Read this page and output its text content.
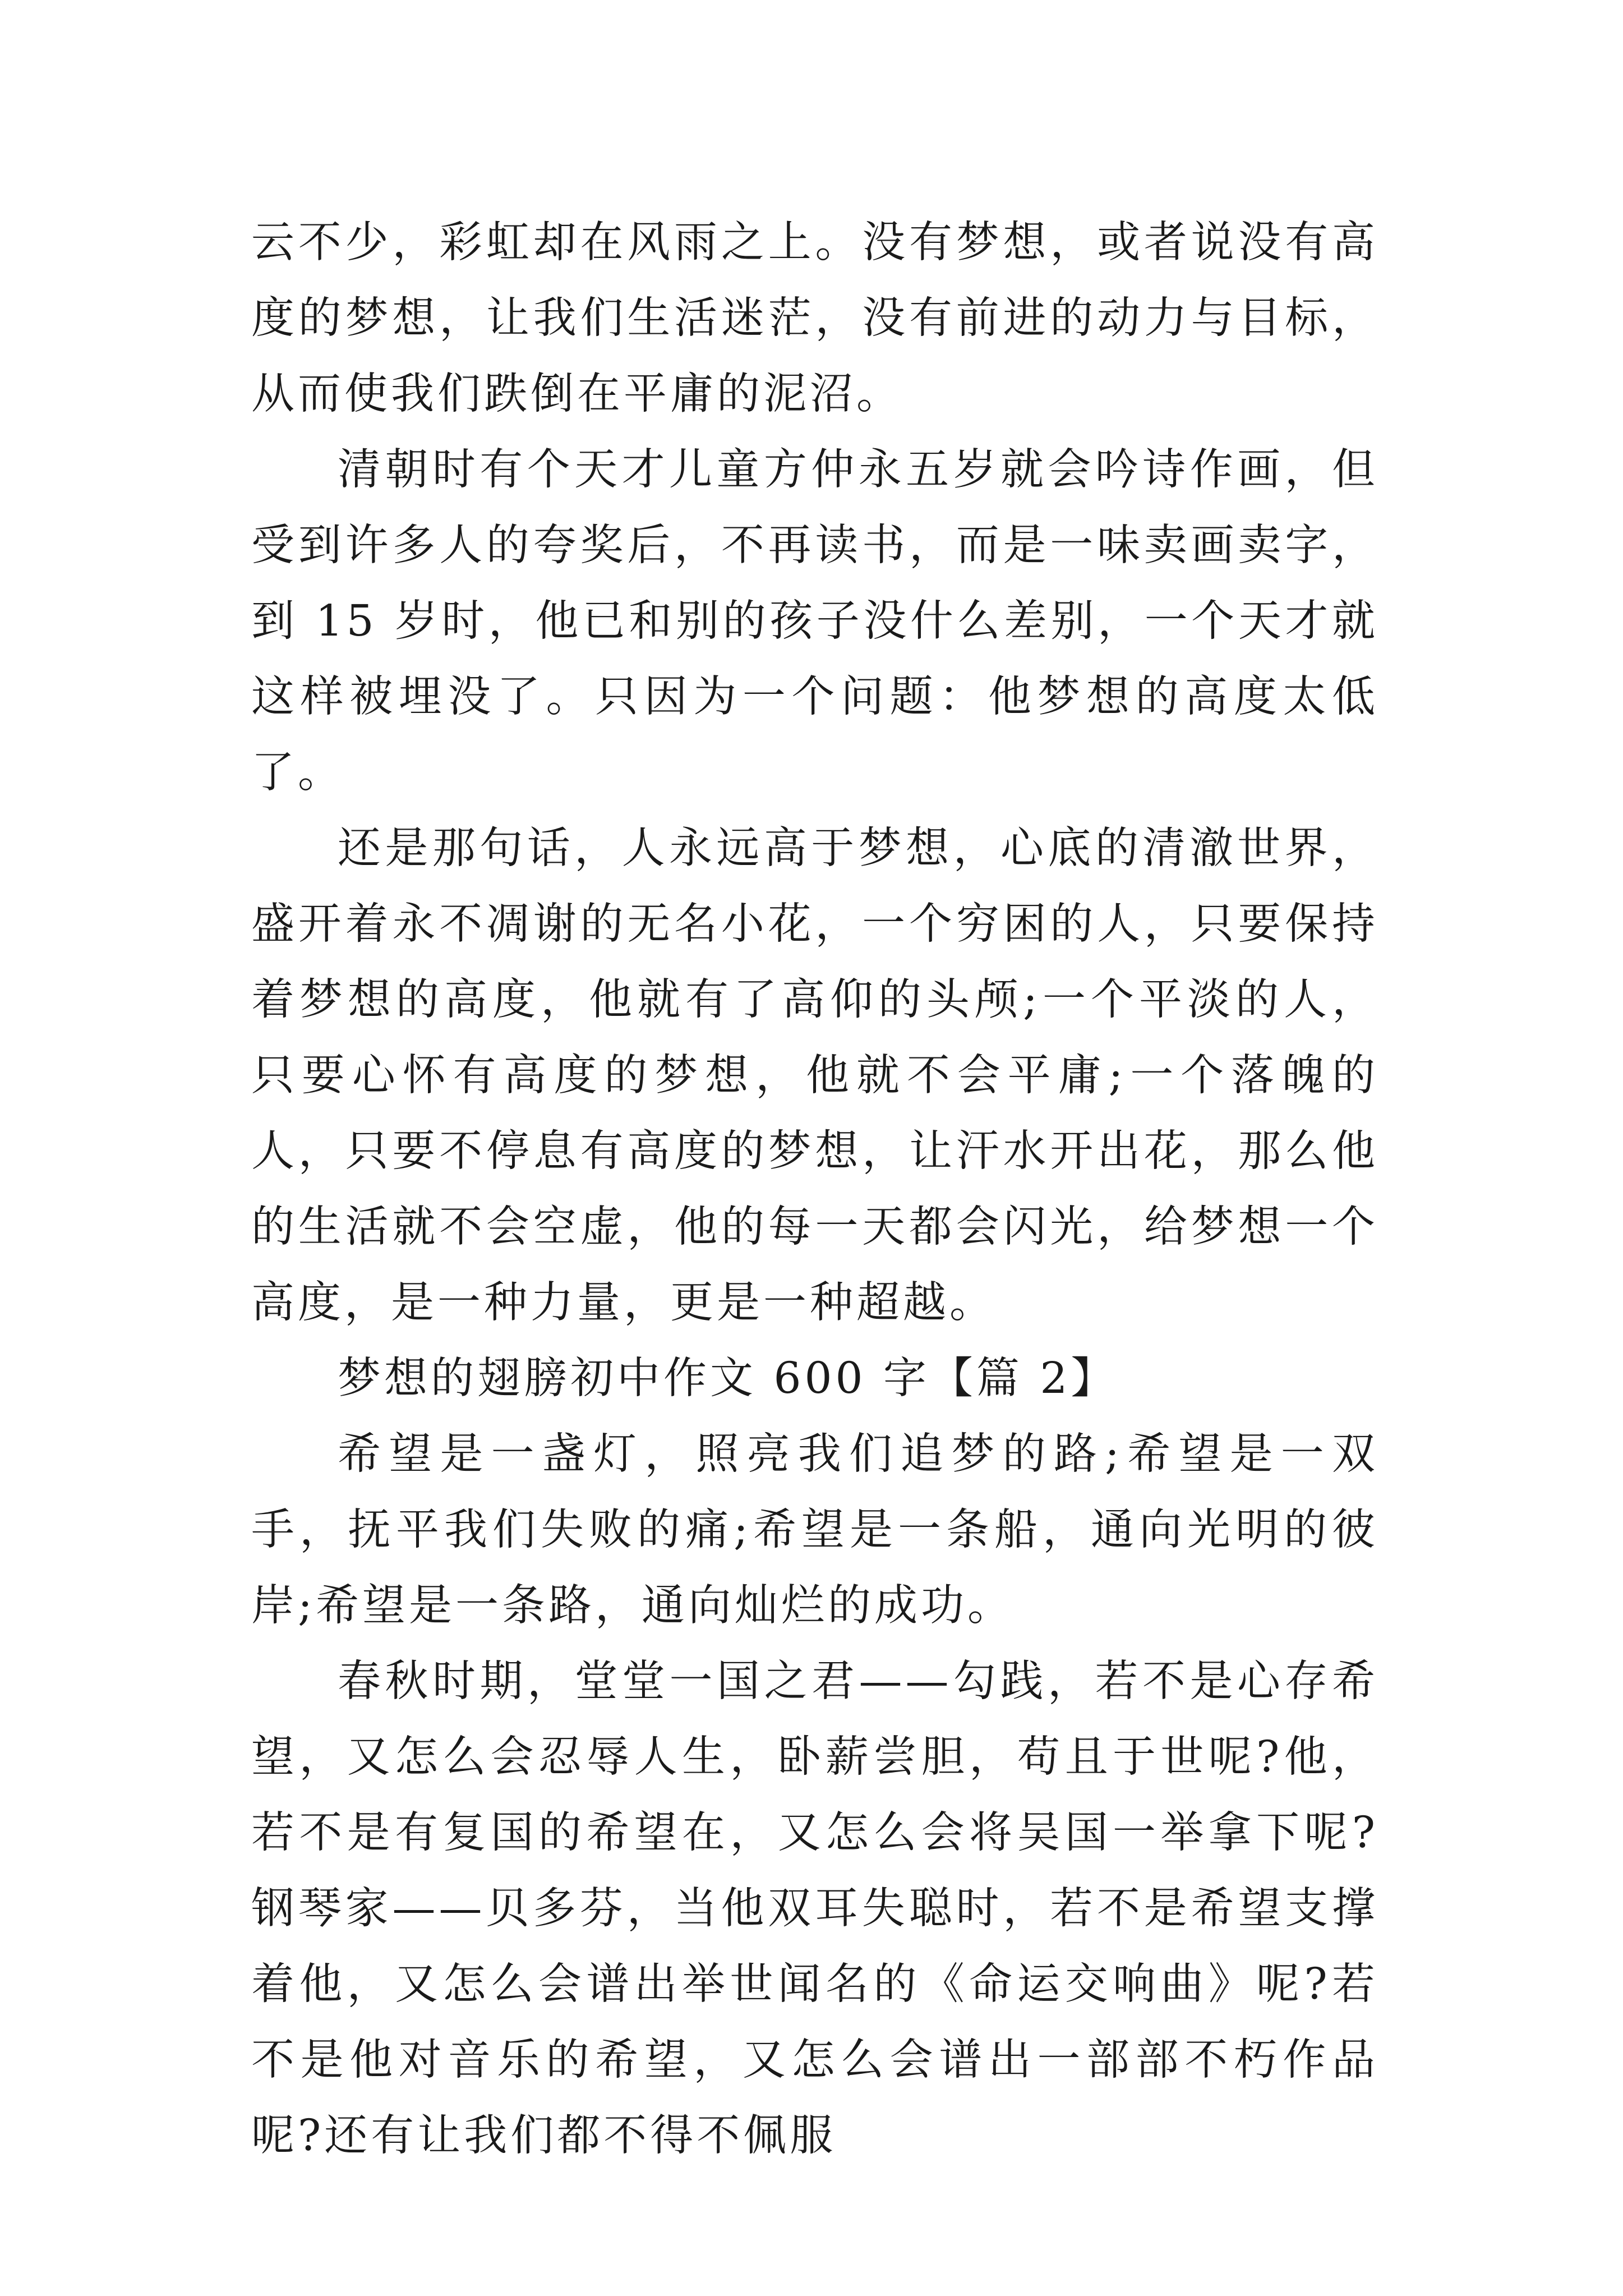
云不少，彩虹却在风雨之上。没有梦想，或者说没有高度的梦想，让我们生活迷茫，没有前进的动力与目标，从而使我们跌倒在平庸的泥沼。

清朝时有个天才儿童方仲永五岁就会吟诗作画，但受到许多人的夸奖后，不再读书，而是一味卖画卖字，到 15 岁时，他已和别的孩子没什么差别，一个天才就这样被埋没了。只因为一个问题：他梦想的高度太低了。

还是那句话，人永远高于梦想，心底的清澈世界，盛开着永不凋谢的无名小花，一个穷困的人，只要保持着梦想的高度，他就有了高仰的头颅;一个平淡的人，只要心怀有高度的梦想，他就不会平庸;一个落魄的人，只要不停息有高度的梦想，让汗水开出花，那么他的生活就不会空虚，他的每一天都会闪光，给梦想一个高度，是一种力量，更是一种超越。

梦想的翅膀初中作文 600 字【篇 2】

希望是一盏灯，照亮我们追梦的路;希望是一双手，抚平我们失败的痛;希望是一条船，通向光明的彼岸;希望是一条路，通向灿烂的成功。

春秋时期，堂堂一国之君——勾践，若不是心存希望，又怎么会忍辱人生，卧薪尝胆，苟且于世呢?他，若不是有复国的希望在，又怎么会将吴国一举拿下呢?钢琴家——贝多芬，当他双耳失聪时，若不是希望支撑着他，又怎么会谱出举世闻名的《命运交响曲》呢?若不是他对音乐的希望，又怎么会谱出一部部不朽作品呢?还有让我们都不得不佩服
